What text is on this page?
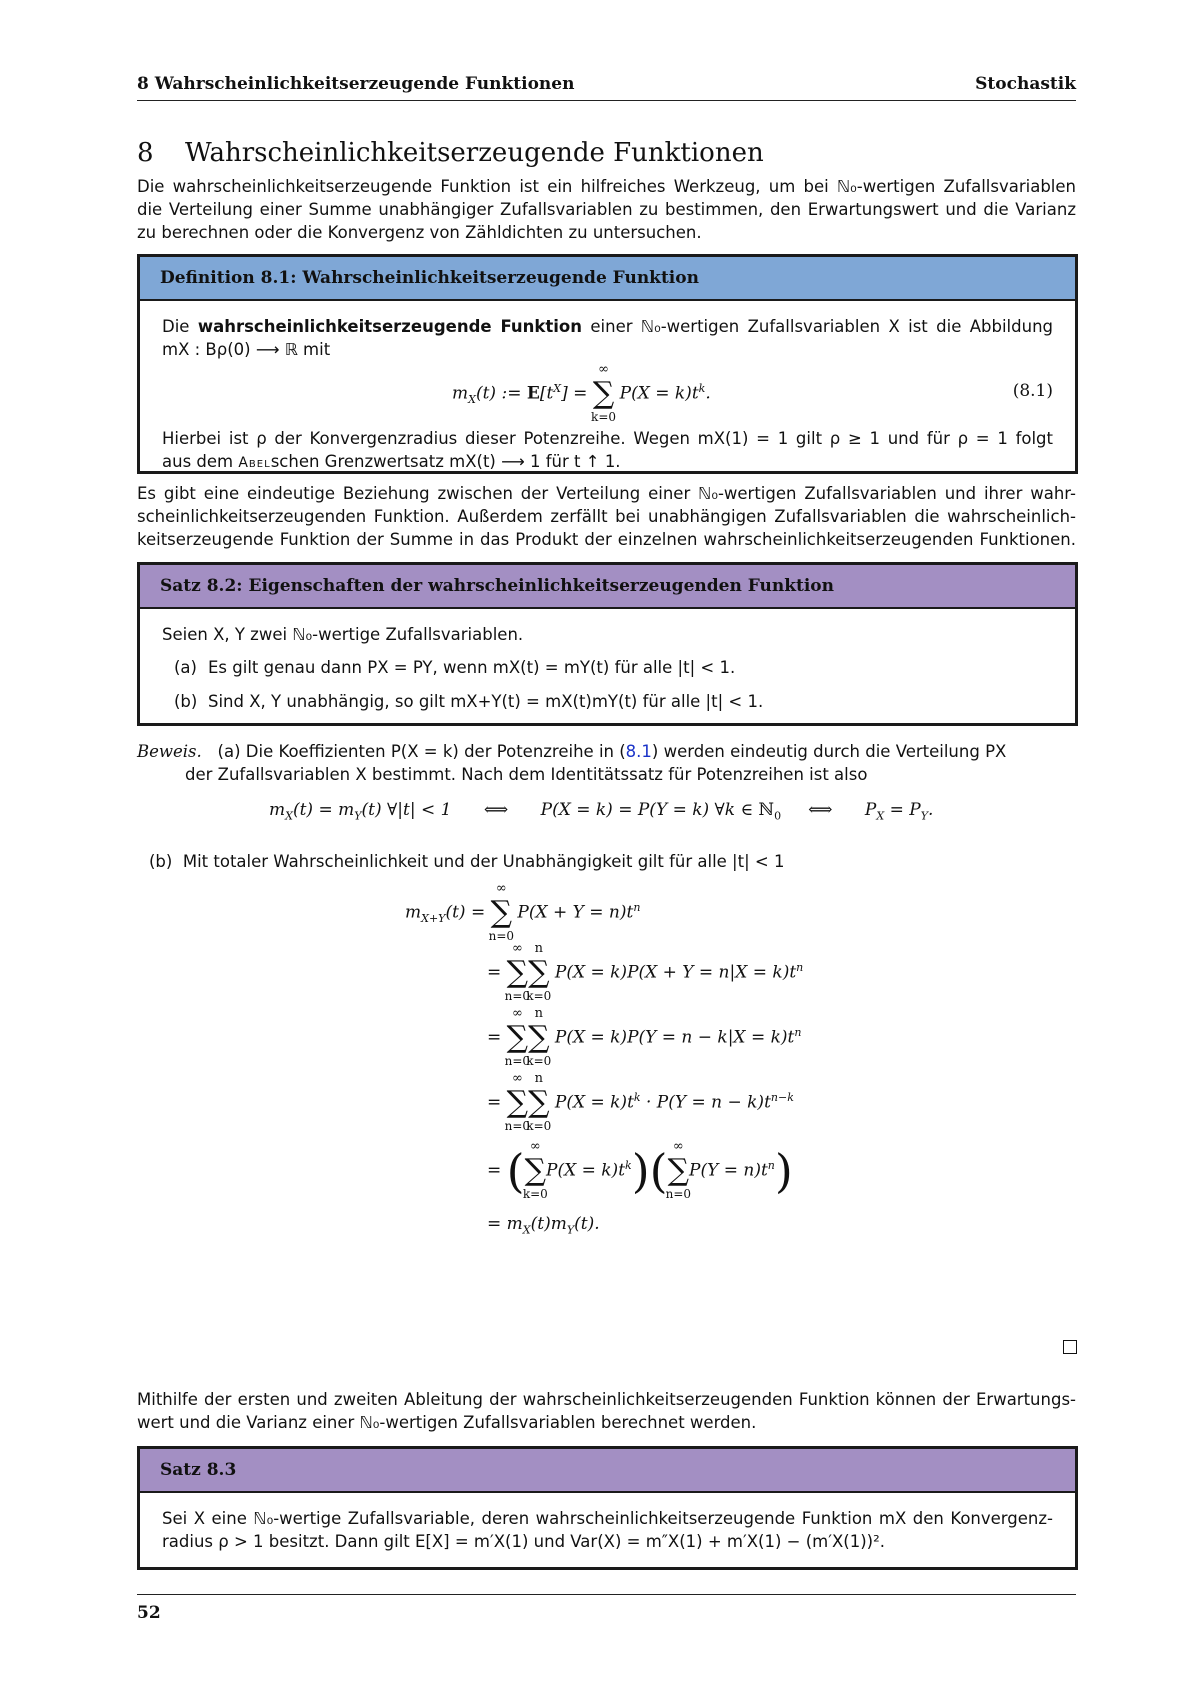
8 Wahrscheinlichkeitserzeugende Funktionen	Stochastik
8 Wahrscheinlichkeitserzeugende Funktionen
Die wahrscheinlichkeitserzeugende Funktion ist ein hilfreiches Werkzeug, um bei ℕ₀-wertigen Zufallsvariablen
die Verteilung einer Summe unabhängiger Zufallsvariablen zu bestimmen, den Erwartungswert und die Varianz
zu berechnen oder die Konvergenz von Zähldichten zu untersuchen.
Definition 8.1: Wahrscheinlichkeitserzeugende Funktion
Die wahrscheinlichkeitserzeugende Funktion einer ℕ₀-wertigen Zufallsvariablen X ist die Abbildung
mX : Bρ(0) ⟶ ℝ mit
$m_X(t)$ := $E[t^X]$ = ∑
∞
k=0
$P(X = k)t^k$.	(8.1)
Hierbei ist ρ der Konvergenzradius dieser Potenzreihe. Wegen mX(1) = 1 gilt ρ ≥ 1 und für ρ = 1 folgt
aus dem Abelschen Grenzwertsatz mX(t) ⟶ 1 für t ↑ 1.
Es gibt eine eindeutige Beziehung zwischen der Verteilung einer ℕ₀-wertigen Zufallsvariablen und ihrer wahr-
scheinlichkeitserzeugenden Funktion. Außerdem zerfällt bei unabhängigen Zufallsvariablen die wahrscheinlich-
keitserzeugende Funktion der Summe in das Produkt der einzelnen wahrscheinlichkeitserzeugenden Funktionen.
Satz 8.2: Eigenschaften der wahrscheinlichkeitserzeugenden Funktion
Seien X, Y zwei ℕ₀-wertige Zufallsvariablen.
(a) Es gilt genau dann PX = PY, wenn mX(t) = mY(t) für alle |t| < 1.
(b) Sind X, Y unabhängig, so gilt mX+Y(t) = mX(t)mY(t) für alle |t| < 1.
Beweis. (a) Die Koeffizienten P(X = k) der Potenzreihe in (8.1) werden eindeutig durch die Verteilung PX
der Zufallsvariablen X bestimmt. Nach dem Identitätssatz für Potenzreihen ist also
$m_X(t) = m_Y(t)$ ∀|t| < 1      ⟺      P(X = k) = P(Y = k) ∀k ∈ ℕ$_0$ ⟺      $P_X = P_Y$.
(b) Mit totaler Wahrscheinlichkeit und der Unabhängigkeit gilt für alle |t| < 1
$m_{X+Y}(t)$ = ∑
∞
n=0
$P(X + Y = n)t^n$
= ∑
∞
n=0
∑
n
k=0
$P(X = k)P(X + Y = n|X = k)t^n$
= ∑
∞
n=0
∑
n
k=0
$P(X = k)P(Y = n - k|X = k)t^n$
= ∑
∞
n=0
∑
n
k=0
$P(X = k)t^k \cdot P(Y = n - k)t^{n-k}$
= (∑
∞
k=0
$P(X = k)t^k)(\sum$
∞
n=0
$P(Y = n)t^n$)
= $m_X(t)m_Y(t)$.
Mithilfe der ersten und zweiten Ableitung der wahrscheinlichkeitserzeugenden Funktion können der Erwartungs-
wert und die Varianz einer ℕ₀-wertigen Zufallsvariablen berechnet werden.
Satz 8.3
Sei X eine ℕ₀-wertige Zufallsvariable, deren wahrscheinlichkeitserzeugende Funktion mX den Konvergenz-
radius ρ > 1 besitzt. Dann gilt E[X] = m′X(1) und Var(X) = m″X(1) + m′X(1) − (m′X(1))².
52
